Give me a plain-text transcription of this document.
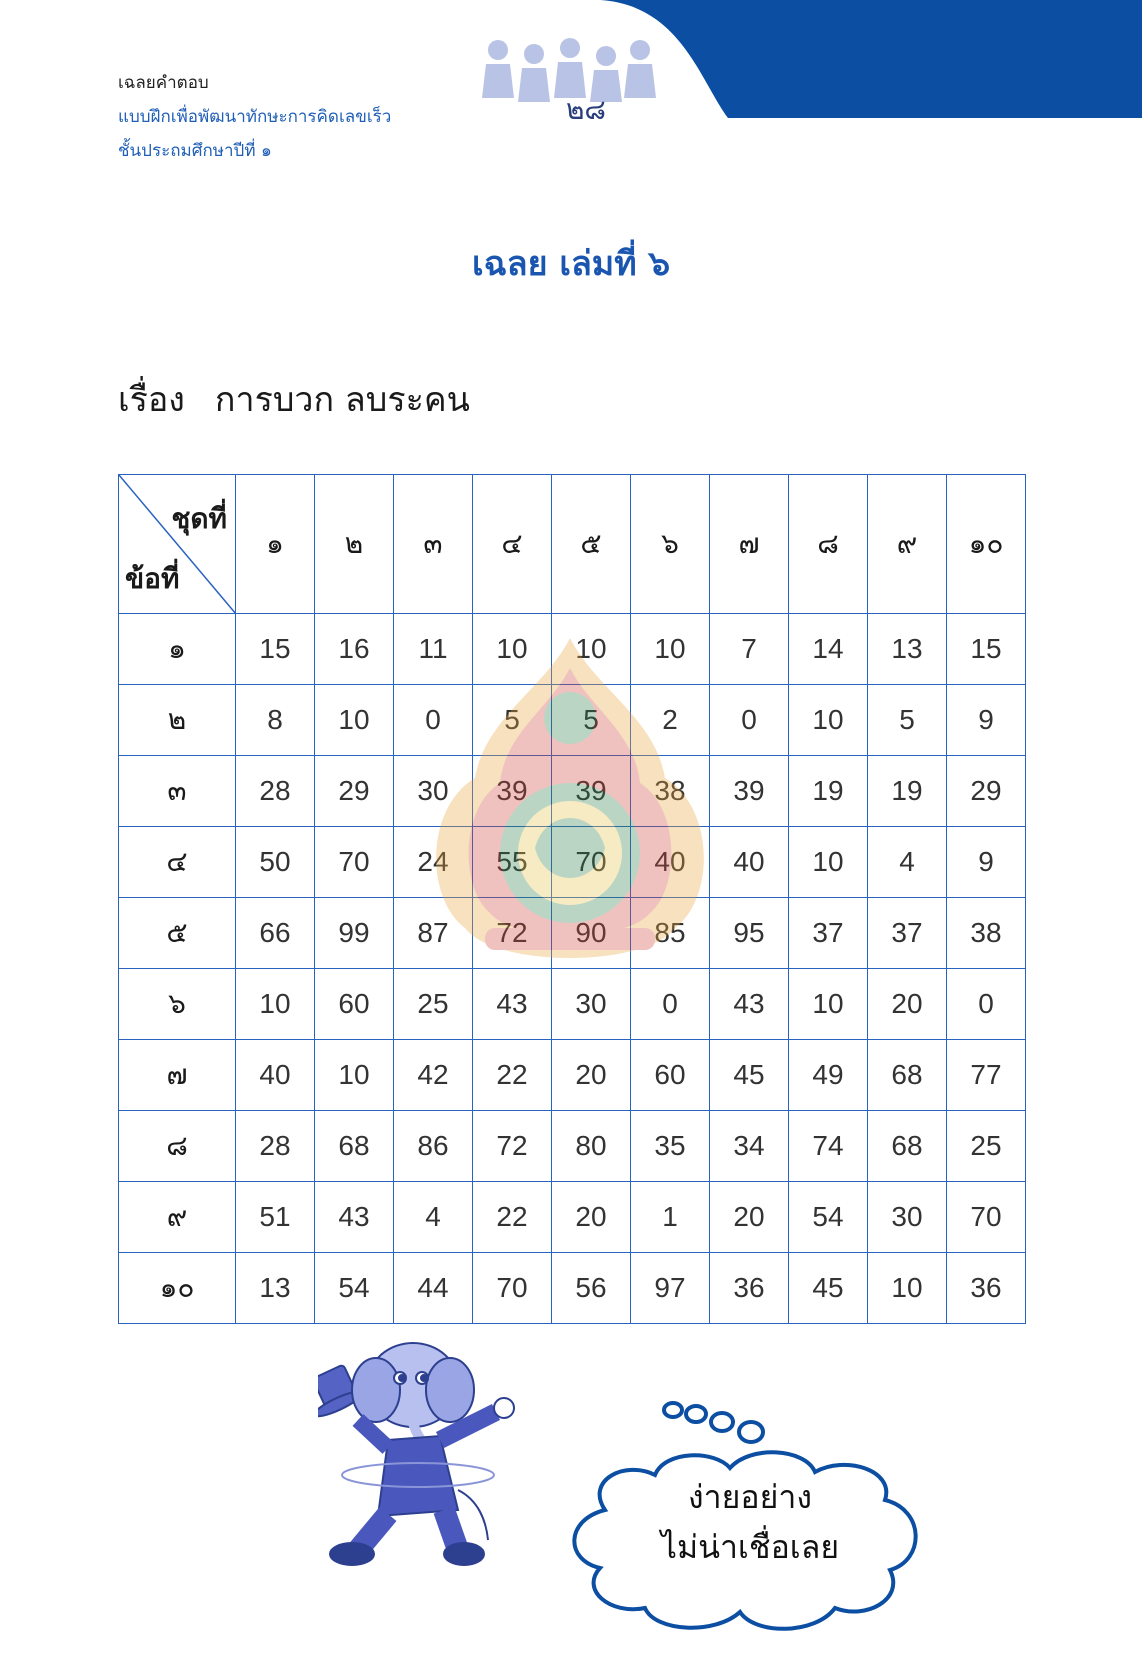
เฉลยคำตอบ
แบบฝึกเพื่อพัฒนาทักษะการคิดเลขเร็ว
ชั้นประถมศึกษาปีที่ ๑
๒๘
เฉลย เล่มที่ ๖
เรื่อง การบวก ลบระคน
ชุดที่
ข้อที่	๑	๒	๓	๔	๕	๖	๗	๘	๙	๑๐
๑	15	16	11	10	10	10	7	14	13	15
๒	8	10	0	5	5	2	0	10	5	9
๓	28	29	30	39	39	38	39	19	19	29
๔	50	70	24	55	70	40	40	10	4	9
๕	66	99	87	72	90	85	95	37	37	38
๖	10	60	25	43	30	0	43	10	20	0
๗	40	10	42	22	20	60	45	49	68	77
๘	28	68	86	72	80	35	34	74	68	25
๙	51	43	4	22	20	1	20	54	30	70
๑๐	13	54	44	70	56	97	36	45	10	36
ง่ายอย่าง
ไม่น่าเชื่อเลย
